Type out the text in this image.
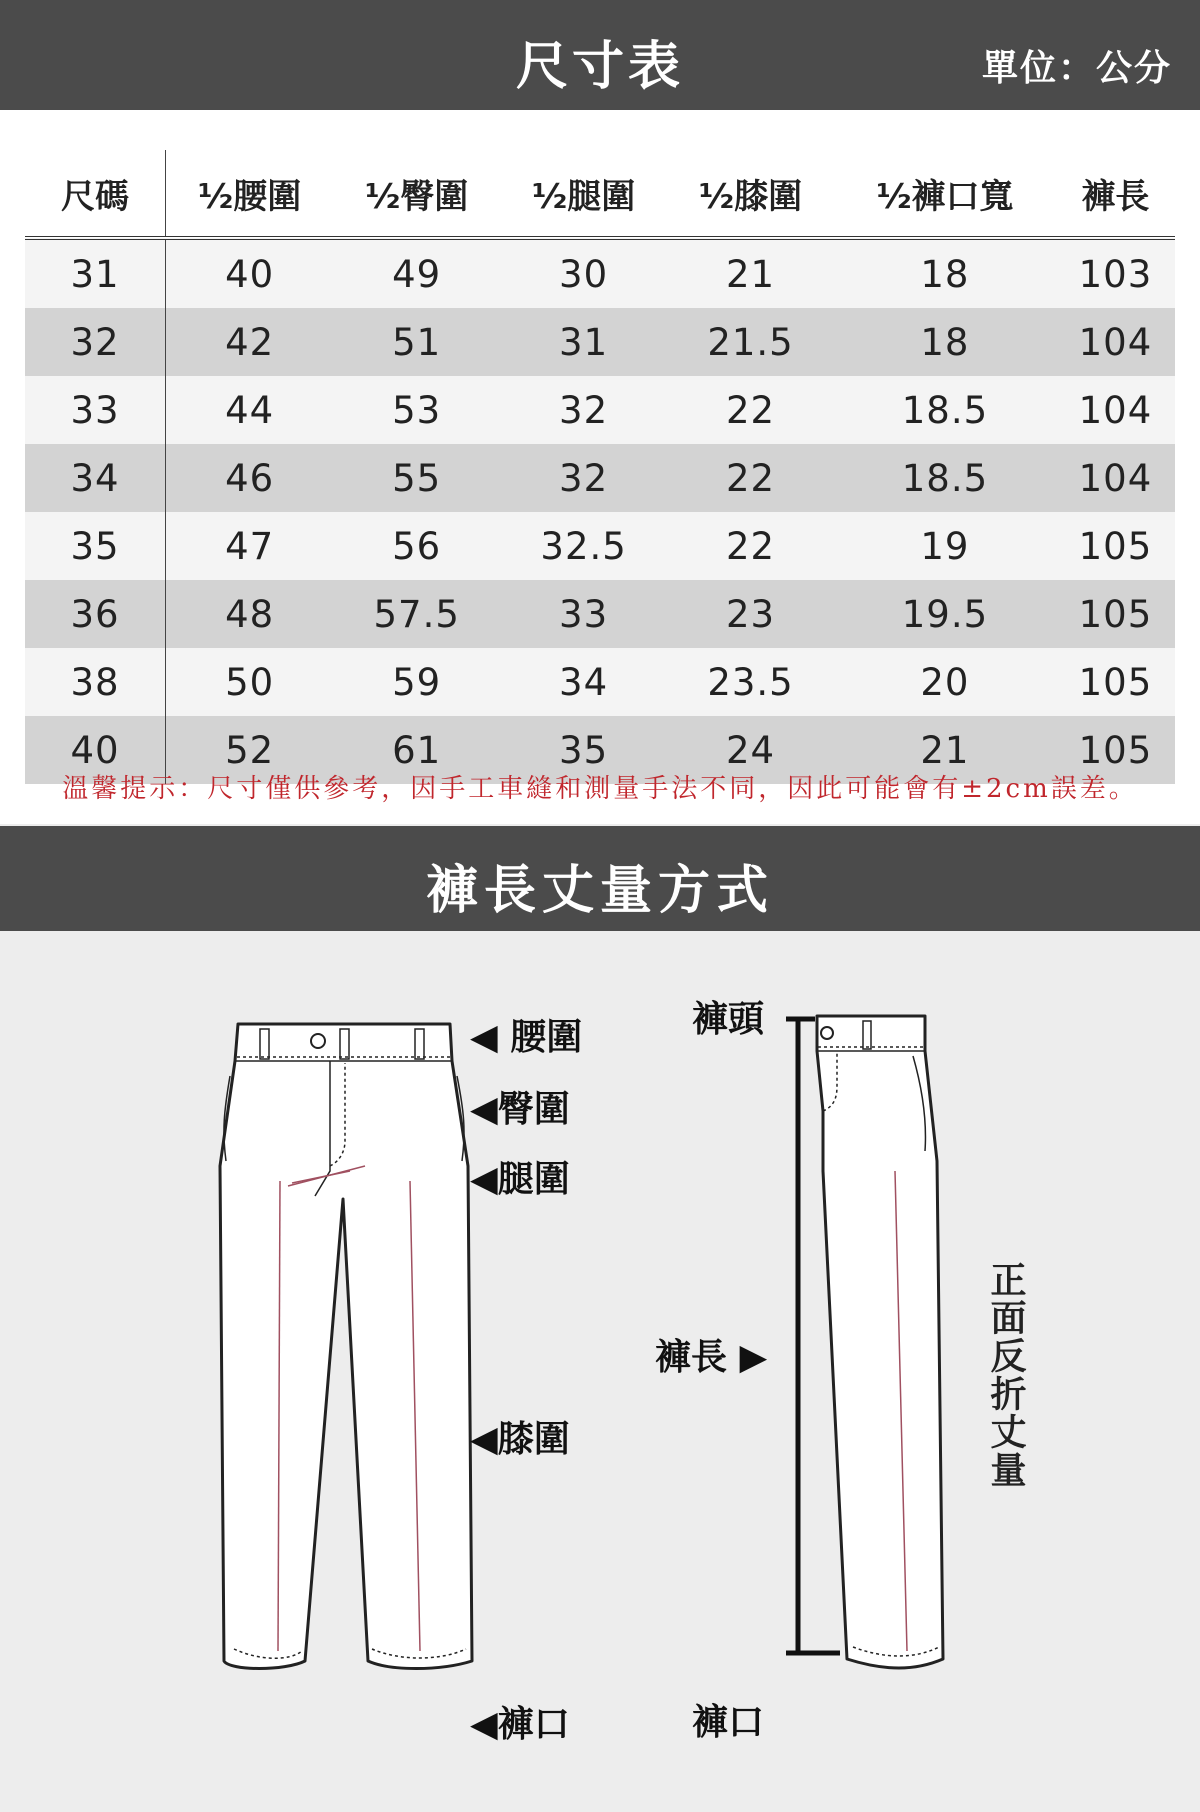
尺寸表	單位：公分
尺碼	½腰圍	½臀圍	½腿圍	½膝圍	½褲口寬	褲長
31	40	49	30	21	18	103
32	42	51	31	21.5	18	104
33	44	53	32	22	18.5	104
34	46	55	32	22	18.5	104
35	47	56	32.5	22	19	105
36	48	57.5	33	23	19.5	105
38	50	59	34	23.5	20	105
40	52	61	35	24	21	105
溫馨提示：尺寸僅供參考，因手工車縫和測量手法不同，因此可能會有±2cm誤差。
褲長丈量方式
◀ 腰圍
◀臀圍
◀腿圍
◀膝圍
◀褲口
褲頭
褲長 ▶
褲口
正面反折丈量
